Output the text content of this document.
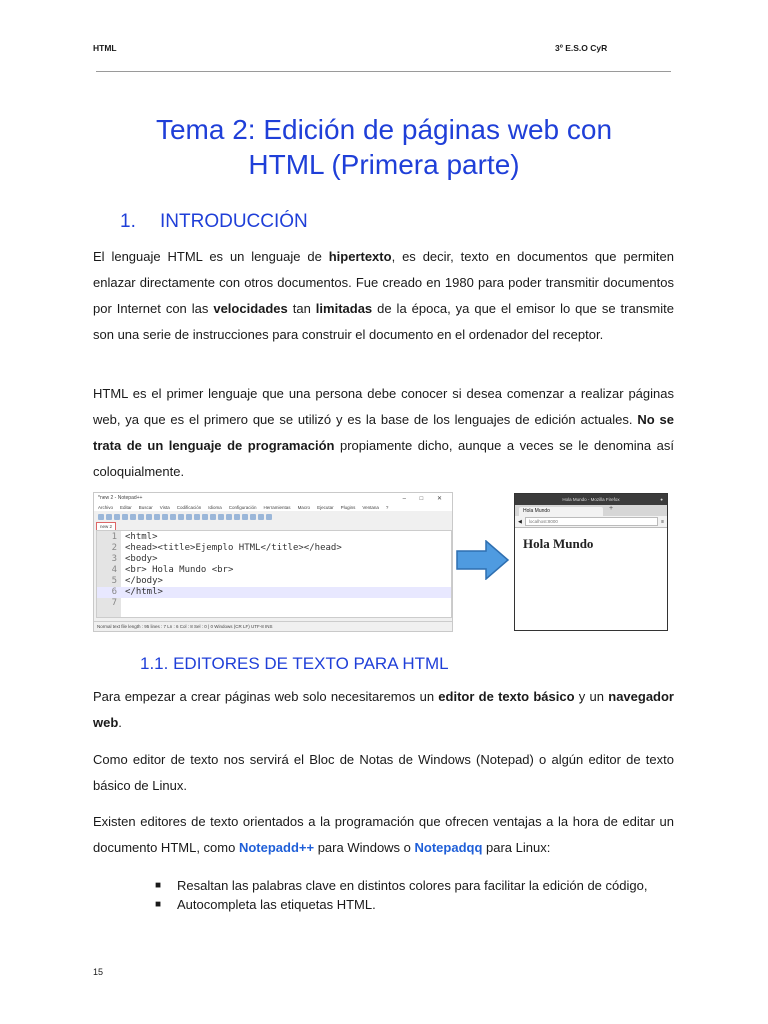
HTML	3º E.S.O CyR
Tema 2: Edición de páginas web con
HTML (Primera parte)
1. INTRODUCCIÓN
El lenguaje HTML es un lenguaje de hipertexto, es decir, texto en documentos que permiten enlazar directamente con otros documentos. Fue creado en 1980 para poder transmitir documentos por Internet con las velocidades tan limitadas de la época, ya que el emisor lo que se transmite son una serie de instrucciones para construir el documento en el ordenador del receptor.
HTML es el primer lenguaje que una persona debe conocer si desea comenzar a realizar páginas web, ya que es el primero que se utilizó y es la base de los lenguajes de edición actuales. No se trata de un lenguaje de programación propiamente dicho, aunque a veces se le denomina así coloquialmente.
*new 2 - Notepad++	– □ ✕
Archivo Editar Buscar Vista Codificación Idioma Configuración Herramientas Macro Ejecutar Plugins Ventana ?
new 2
1 <html>
2 <head><title>Ejemplo HTML</title></head>
3 <body>
4 <br> Hola Mundo <br>
5 </body>
6 </html>
7
Normal text file length : 95 lines : 7 Ln : 6 Col : 8 Sel : 0 | 0 Windows (CR LF) UTF-8 INS
Hola Mundo - Mozilla Firefox	●
Hola Mundo	+
◀	localhost:8000	≡
Hola Mundo
1.1. EDITORES DE TEXTO PARA HTML
Para empezar a crear páginas web solo necesitaremos un editor de texto básico y un navegador web.
Como editor de texto nos servirá el Bloc de Notas de Windows (Notepad) o algún editor de texto básico de Linux.
Existen editores de texto orientados a la programación que ofrecen ventajas a la hora de editar un documento HTML, como Notepadd++ para Windows o Notepadqq para Linux:
■	Resaltan las palabras clave en distintos colores para facilitar la edición de código,
■	Autocompleta las etiquetas HTML.
15
